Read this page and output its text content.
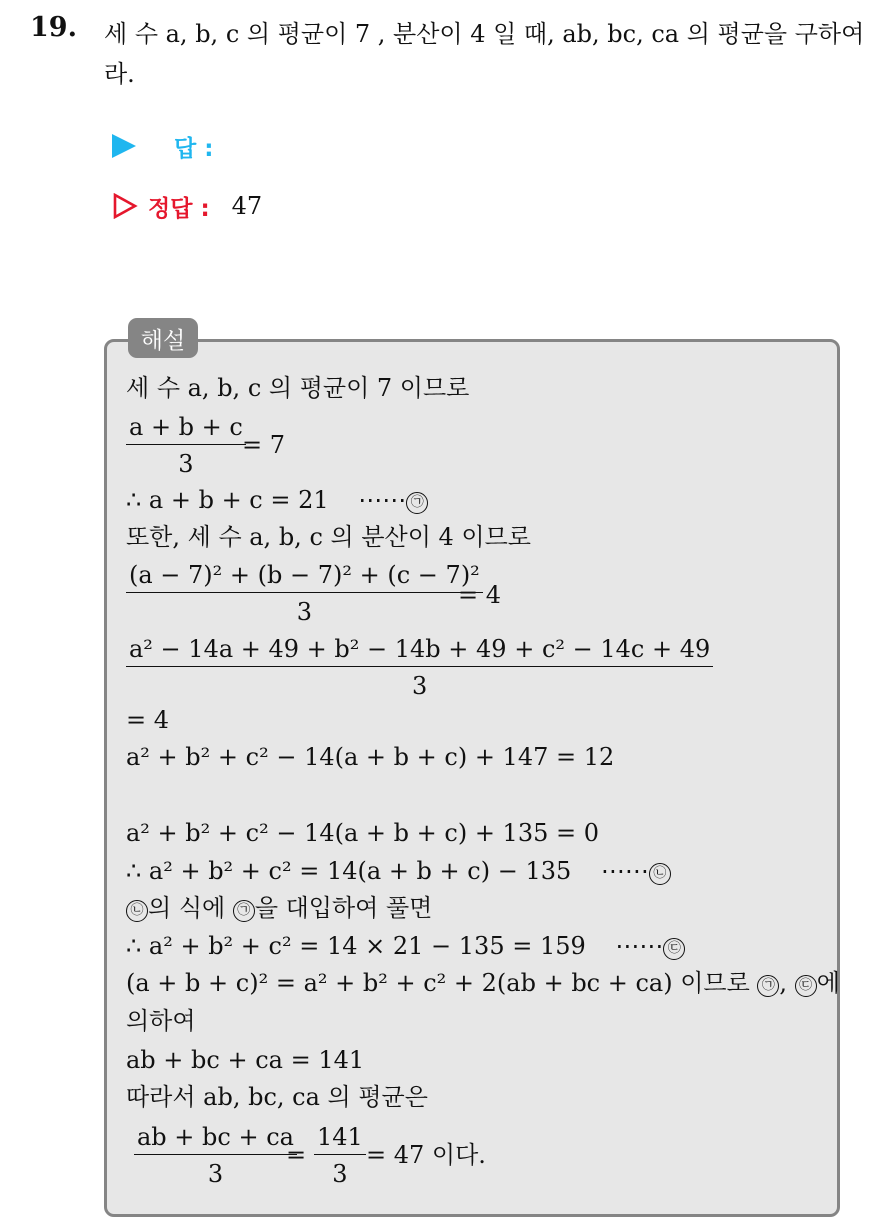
19. 세 수 a, b, c 의 평균이 7 , 분산이 4 일 때, ab, bc, ca 의 평균을 구하여라.
답 :
정답 : 47
해설
세 수 a, b, c 의 평균이 7 이므로
$\frac{a + b + c}{3}$
= 7
∴ a + b + c = 21 ⋯⋯ ㉠
또한, 세 수 a, b, c 의 분산이 4 이므로
$\frac{\text{(a − 7)² + (b − 7)² + (c − 7)²}}{3}$
= 4
$\frac{\text{a² − 14a + 49 + b² − 14b + 49 + c² − 14c + 49}}{3}$
= 4
a² + b² + c² − 14(a + b + c) + 147 = 12
a² + b² + c² − 14(a + b + c) + 135 = 0
∴ a² + b² + c² = 14(a + b + c) − 135 ⋯⋯ ㉡
㉡ 의 식에 ㉠ 을 대입하여 풀면
∴ a² + b² + c² = 14 × 21 − 135 = 159 ⋯⋯ ㉢
(a + b + c)² = a² + b² + c² + 2(ab + bc + ca) 이므로 ㉠ , ㉢ 에
의하여
ab + bc + ca = 141
따라서 ab, bc, ca 의 평균은
$\frac{ab + bc + ca}{3}$
= $\frac{141}{3} = 47$ 이다.
